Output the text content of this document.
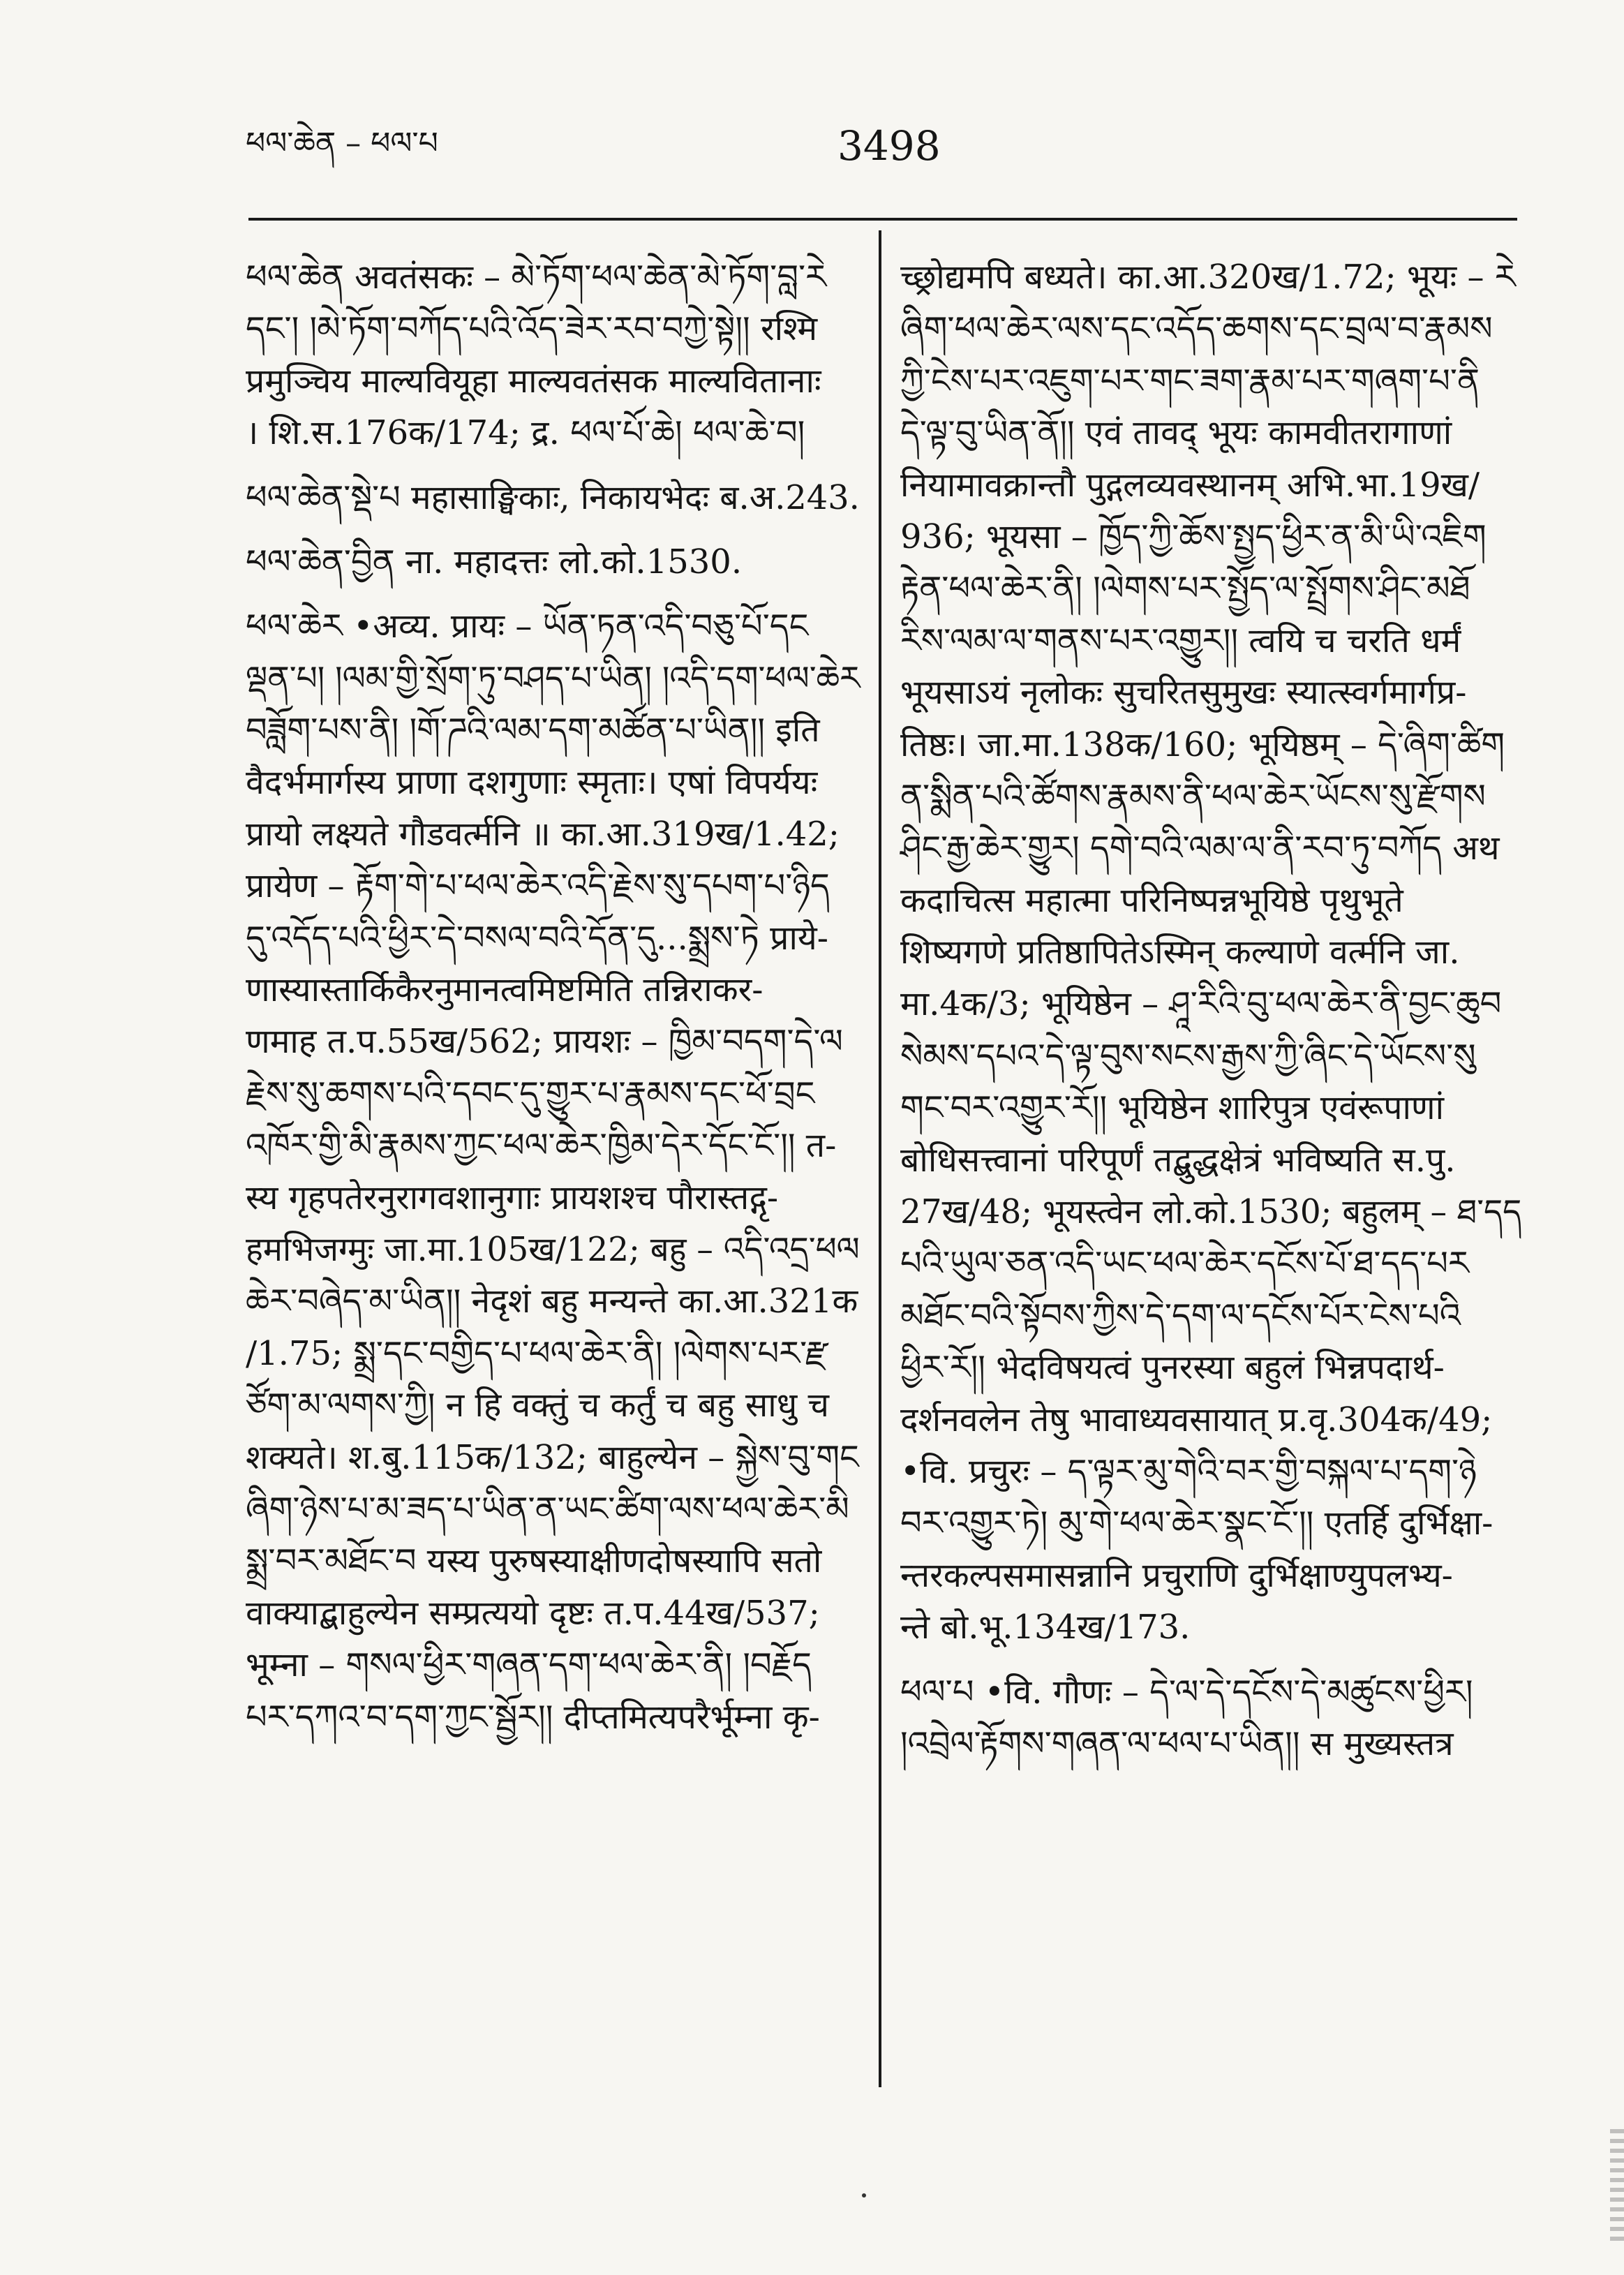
ཕལ་ཆེན – ཕལ་པ	3498
ཕལ་ཆེན अवतंसकः – མེ་ཏོག་ཕལ་ཆེན་མེ་ཏོག་བླ་རེ
དང་། །མེ་ཏོག་བཀོད་པའི་འོད་ཟེར་རབ་བཀྱེ་སྟེ།། रश्मि
प्रमुञ्चिय माल्यवियूहा माल्यवतंसक माल्यवितानाः
। शि.स.176क/174; द्र. ཕལ་པོ་ཆེ། ཕལ་ཆེ་བ།
ཕལ་ཆེན་སྡེ་པ महासाङ्घिकाः, निकायभेदः ब.अ.243.
ཕལ་ཆེན་བྱིན ना. महादत्तः लो.को.1530.
ཕལ་ཆེར •अव्य. प्रायः – ཡོན་ཏན་འདི་བཅུ་པོ་དང
ལྡན་པ། །ལམ་གྱི་སྲོག་ཏུ་བཤད་པ་ཡིན། །འདི་དག་ཕལ་ཆེར
བཟློག་པས་ནི། །གོ་ཌའི་ལམ་དག་མཚོན་པ་ཡིན།། इति
वैदर्भमार्गस्य प्राणा दशगुणाः स्मृताः। एषां विपर्ययः
प्रायो लक्ष्यते गौडवर्त्मनि ॥ का.आ.319ख/1.42;
प्रायेण – རྟོག་གེ་པ་ཕལ་ཆེར་འདི་རྗེས་སུ་དཔག་པ་ཉིད
དུ་འདོད་པའི་ཕྱིར་དེ་བསལ་བའི་དོན་དུ...སྨྲས་ཏེ प्राये-
णास्यास्तार्किकैरनुमानत्वमिष्टमिति तन्निराकर-
णमाह त.प.55ख/562; प्रायशः – ཁྱིམ་བདག་དེ་ལ
རྗེས་སུ་ཆགས་པའི་དབང་དུ་གྱུར་པ་རྣམས་དང་ཕོ་བྲང
འཁོར་གྱི་མི་རྣམས་ཀྱང་ཕལ་ཆེར་ཁྱིམ་དེར་དོང་ངོ་།། त-
स्य गृहपतेरनुरागवशानुगाः प्रायशश्च पौरास्तद्गृ-
हमभिजग्मुः जा.मा.105ख/122; बहु – འདི་འདྲ་ཕལ
ཆེར་བཞེད་མ་ཡིན།། नेदृशं बहु मन्यन्ते का.आ.321क
/1.75; སྨྲ་དང་བགྱིད་པ་ཕལ་ཆེར་ནི། །ལེགས་པར་རྫ
ཙོག་མ་ལགས་ཀྱི། न हि वक्तुं च कर्तुं च बहु साधु च
शक्यते। श.बु.115क/132; बाहुल्येन – སྐྱེས་བུ་གང
ཞིག་ཉེས་པ་མ་ཟད་པ་ཡིན་ན་ཡང་ཚིག་ལས་ཕལ་ཆེར་མི
སྨྲ་བར་མཐོང་བ यस्य पुरुषस्याक्षीणदोषस्यापि सतो
वाक्याद्बाहुल्येन सम्प्रत्ययो दृष्टः त.प.44ख/537;
भूम्ना – གསལ་ཕྱིར་གཞན་དག་ཕལ་ཆེར་ནི། །བརྗོད
པར་དཀའ་བ་དག་ཀྱང་སྦྱོར།། दीप्तमित्यपरैर्भूम्ना कृ-
च्छ्रोद्यमपि बध्यते। का.आ.320ख/1.72; भूयः – རེ
ཞིག་ཕལ་ཆེར་ལས་དང་འདོད་ཆགས་དང་བྲལ་བ་རྣམས
ཀྱི་ངེས་པར་འཇུག་པར་གང་ཟག་རྣམ་པར་གཞག་པ་ནི
དེ་ལྟ་བུ་ཡིན་ནོ།། एवं तावद् भूयः कामवीतरागाणां
नियामावक्रान्तौ पुद्गलव्यवस्थानम् अभि.भा.19ख/
936; भूयसा – ཁྱོད་ཀྱི་ཆོས་སྤྱད་ཕྱིར་ན་མི་ཡི་འཇིག
རྟེན་ཕལ་ཆེར་ནི། །ལེགས་པར་སྤྱོད་ལ་སྤྲོགས་ཤིང་མཐོ
རིས་ལམ་ལ་གནས་པར་འགྱུར།། त्वयि च चरति धर्मं
भूयसाऽयं नृलोकः सुचरितसुमुखः स्यात्स्वर्गमार्गप्र-
तिष्ठः। जा.मा.138क/160; भूयिष्ठम् – དེ་ཞིག་ཚིག
ན་སྨིན་པའི་ཚོགས་རྣམས་ནི་ཕལ་ཆེར་ཡོངས་སུ་རྫོགས
ཤིང་རྒྱ་ཆེར་གྱུར། དགེ་བའི་ལམ་ལ་ནི་རབ་ཏུ་བཀོད अथ
कदाचित्स महात्मा परिनिष्पन्नभूयिष्ठे पृथुभूते
शिष्यगणे प्रतिष्ठापितेऽस्मिन् कल्याणे वर्त्मनि जा.
मा.4क/3; भूयिष्ठेन – ཤཱ་རིའི་བུ་ཕལ་ཆེར་ནི་བྱང་ཆུབ
སེམས་དཔའ་དེ་ལྟ་བུས་སངས་རྒྱས་ཀྱི་ཞིང་དེ་ཡོངས་སུ
གང་བར་འགྱུར་རོ།། भूयिष्ठेन शारिपुत्र एवंरूपाणां
बोधिसत्त्वानां परिपूर्णं तद्बुद्धक्षेत्रं भविष्यति स.पु.
27ख/48; भूयस्त्वेन लो.को.1530; बहुलम् – ཐ་དད
པའི་ཡུལ་ཅན་འདི་ཡང་ཕལ་ཆེར་དངོས་པོ་ཐ་དད་པར
མཐོང་བའི་སྟོབས་ཀྱིས་དེ་དག་ལ་དངོས་པོར་ངེས་པའི
ཕྱིར་རོ།། भेदविषयत्वं पुनरस्या बहुलं भिन्नपदार्थ-
दर्शनवलेन तेषु भावाध्यवसायात् प्र.वृ.304क/49;
•वि. प्रचुरः – ད་ལྟར་མུ་གེའི་བར་གྱི་བསྐལ་པ་དག་ཉེ
བར་འགྱུར་ཏེ། མུ་གེ་ཕལ་ཆེར་སྣང་ངོ་།། एतर्हि दुर्भिक्षा-
न्तरकल्पसमासन्नानि प्रचुराणि दुर्भिक्षाण्युपलभ्य-
न्ते बो.भू.134ख/173.
ཕལ་པ •वि. गौणः – དེ་ལ་དེ་དངོས་དེ་མཚུངས་ཕྱིར།
།འབྲེལ་རྟོགས་གཞན་ལ་ཕལ་པ་ཡིན།། स मुख्यस्तत्र
